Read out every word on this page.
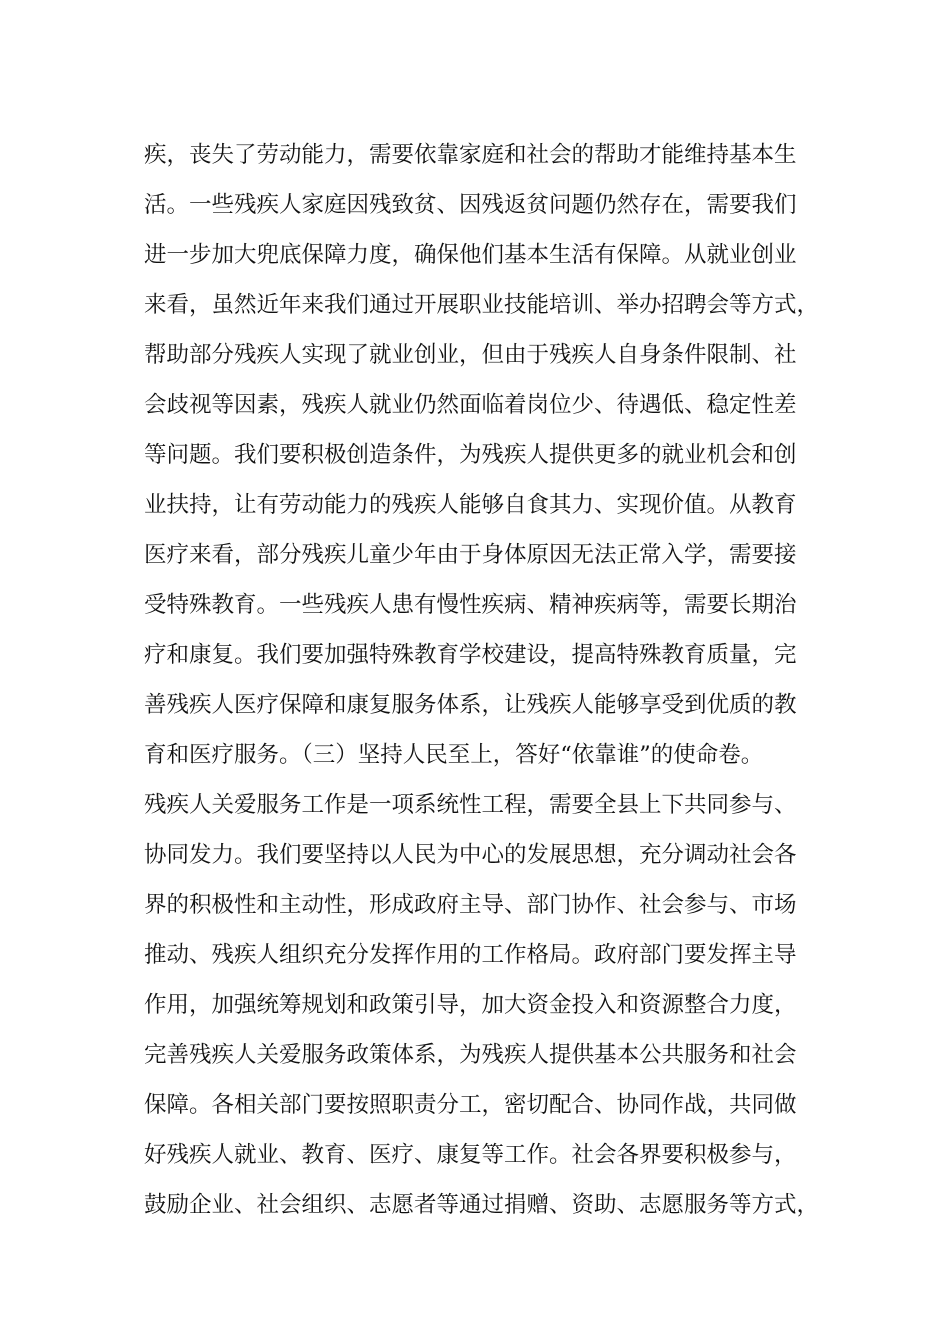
疾，丧失了劳动能力，需要依靠家庭和社会的帮助才能维持基本生
活。一些残疾人家庭因残致贫、因残返贫问题仍然存在，需要我们
进一步加大兜底保障力度，确保他们基本生活有保障。从就业创业
来看，虽然近年来我们通过开展职业技能培训、举办招聘会等方式，
帮助部分残疾人实现了就业创业，但由于残疾人自身条件限制、社
会歧视等因素，残疾人就业仍然面临着岗位少、待遇低、稳定性差
等问题。我们要积极创造条件，为残疾人提供更多的就业机会和创
业扶持，让有劳动能力的残疾人能够自食其力、实现价值。从教育
医疗来看，部分残疾儿童少年由于身体原因无法正常入学，需要接
受特殊教育。一些残疾人患有慢性疾病、精神疾病等，需要长期治
疗和康复。我们要加强特殊教育学校建设，提高特殊教育质量，完
善残疾人医疗保障和康复服务体系，让残疾人能够享受到优质的教
育和医疗服务。（三）坚持人民至上，答好“依靠谁”的使命卷。
残疾人关爱服务工作是一项系统性工程，需要全县上下共同参与、
协同发力。我们要坚持以人民为中心的发展思想，充分调动社会各
界的积极性和主动性，形成政府主导、部门协作、社会参与、市场
推动、残疾人组织充分发挥作用的工作格局。政府部门要发挥主导
作用，加强统筹规划和政策引导，加大资金投入和资源整合力度，
完善残疾人关爱服务政策体系，为残疾人提供基本公共服务和社会
保障。各相关部门要按照职责分工，密切配合、协同作战，共同做
好残疾人就业、教育、医疗、康复等工作。社会各界要积极参与，
鼓励企业、社会组织、志愿者等通过捐赠、资助、志愿服务等方式，
